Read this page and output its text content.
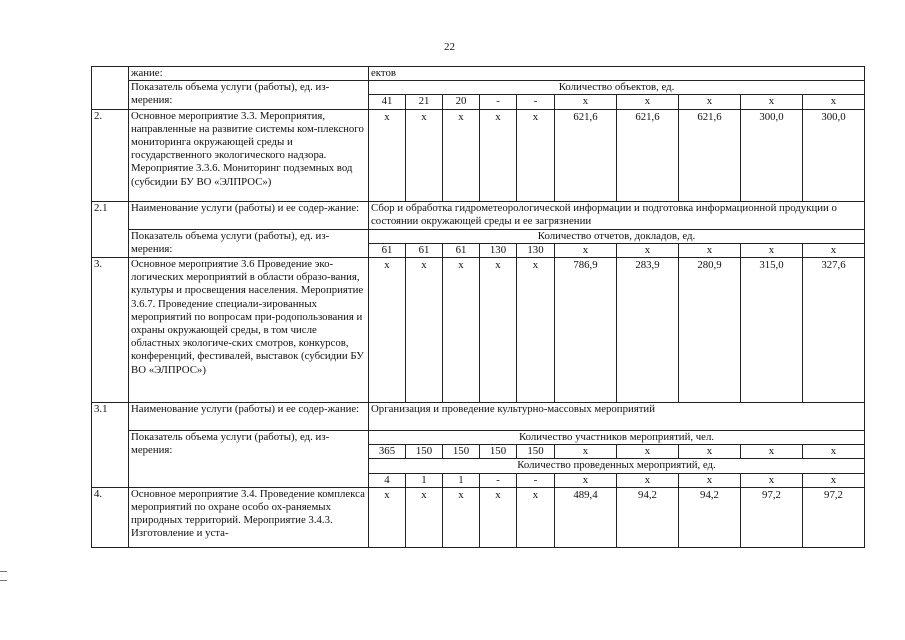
22
	жание:	ектов									
	Показатель объема услуги (работы), ед. из-мерения:	Количество объектов, ед.									
		41	21	20	-	-	x	x	x	x	x
2.	Основное мероприятие 3.3. Мероприятия, направленные на развитие системы ком-плексного мониторинга окружающей среды и государственного экологического надзора. Мероприятие 3.3.6. Мониторинг подземных вод (субсидии БУ ВО «ЭЛПРОС»)	x	x	x	x	x	621,6	621,6	621,6	300,0	300,0
2.1	Наименование услуги (работы) и ее содер-жание:	Сбор и обработка гидрометеорологической информации и подготовка информационной продукции о состоянии окружающей среды и ее загрязнении									
	Показатель объема услуги (работы), ед. из-мерения:	Количество отчетов, докладов, ед.									
		61	61	61	130	130	x	x	x	x	x
3.	Основное мероприятие 3.6 Проведение эко-логических мероприятий в области образо-вания, культуры и просвещения населения. Мероприятие 3.6.7. Проведение специали-зированных мероприятий по вопросам при-родопользования и охраны окружающей среды, в том числе областных экологиче-ских смотров, конкурсов, конференций, фестивалей, выставок (субсидии БУ ВО «ЭЛПРОС»)	x	x	x	x	x	786,9	283,9	280,9	315,0	327,6
3.1	Наименование услуги (работы) и ее содер-жание:	Организация и проведение культурно-массовых мероприятий									
	Показатель объема услуги (работы), ед. из-мерения:	Количество участников мероприятий, чел.									
		365	150	150	150	150	x	x	x	x	x
		Количество проведенных мероприятий, ед.									
		4	1	1	-	-	x	x	x	x	x
4.	Основное мероприятие 3.4. Проведение комплекса мероприятий по охране особо ох-раняемых природных территорий. Мероприятие 3.4.3. Изготовление и уста-	x	x	x	x	x	489,4	94,2	94,2	97,2	97,2
